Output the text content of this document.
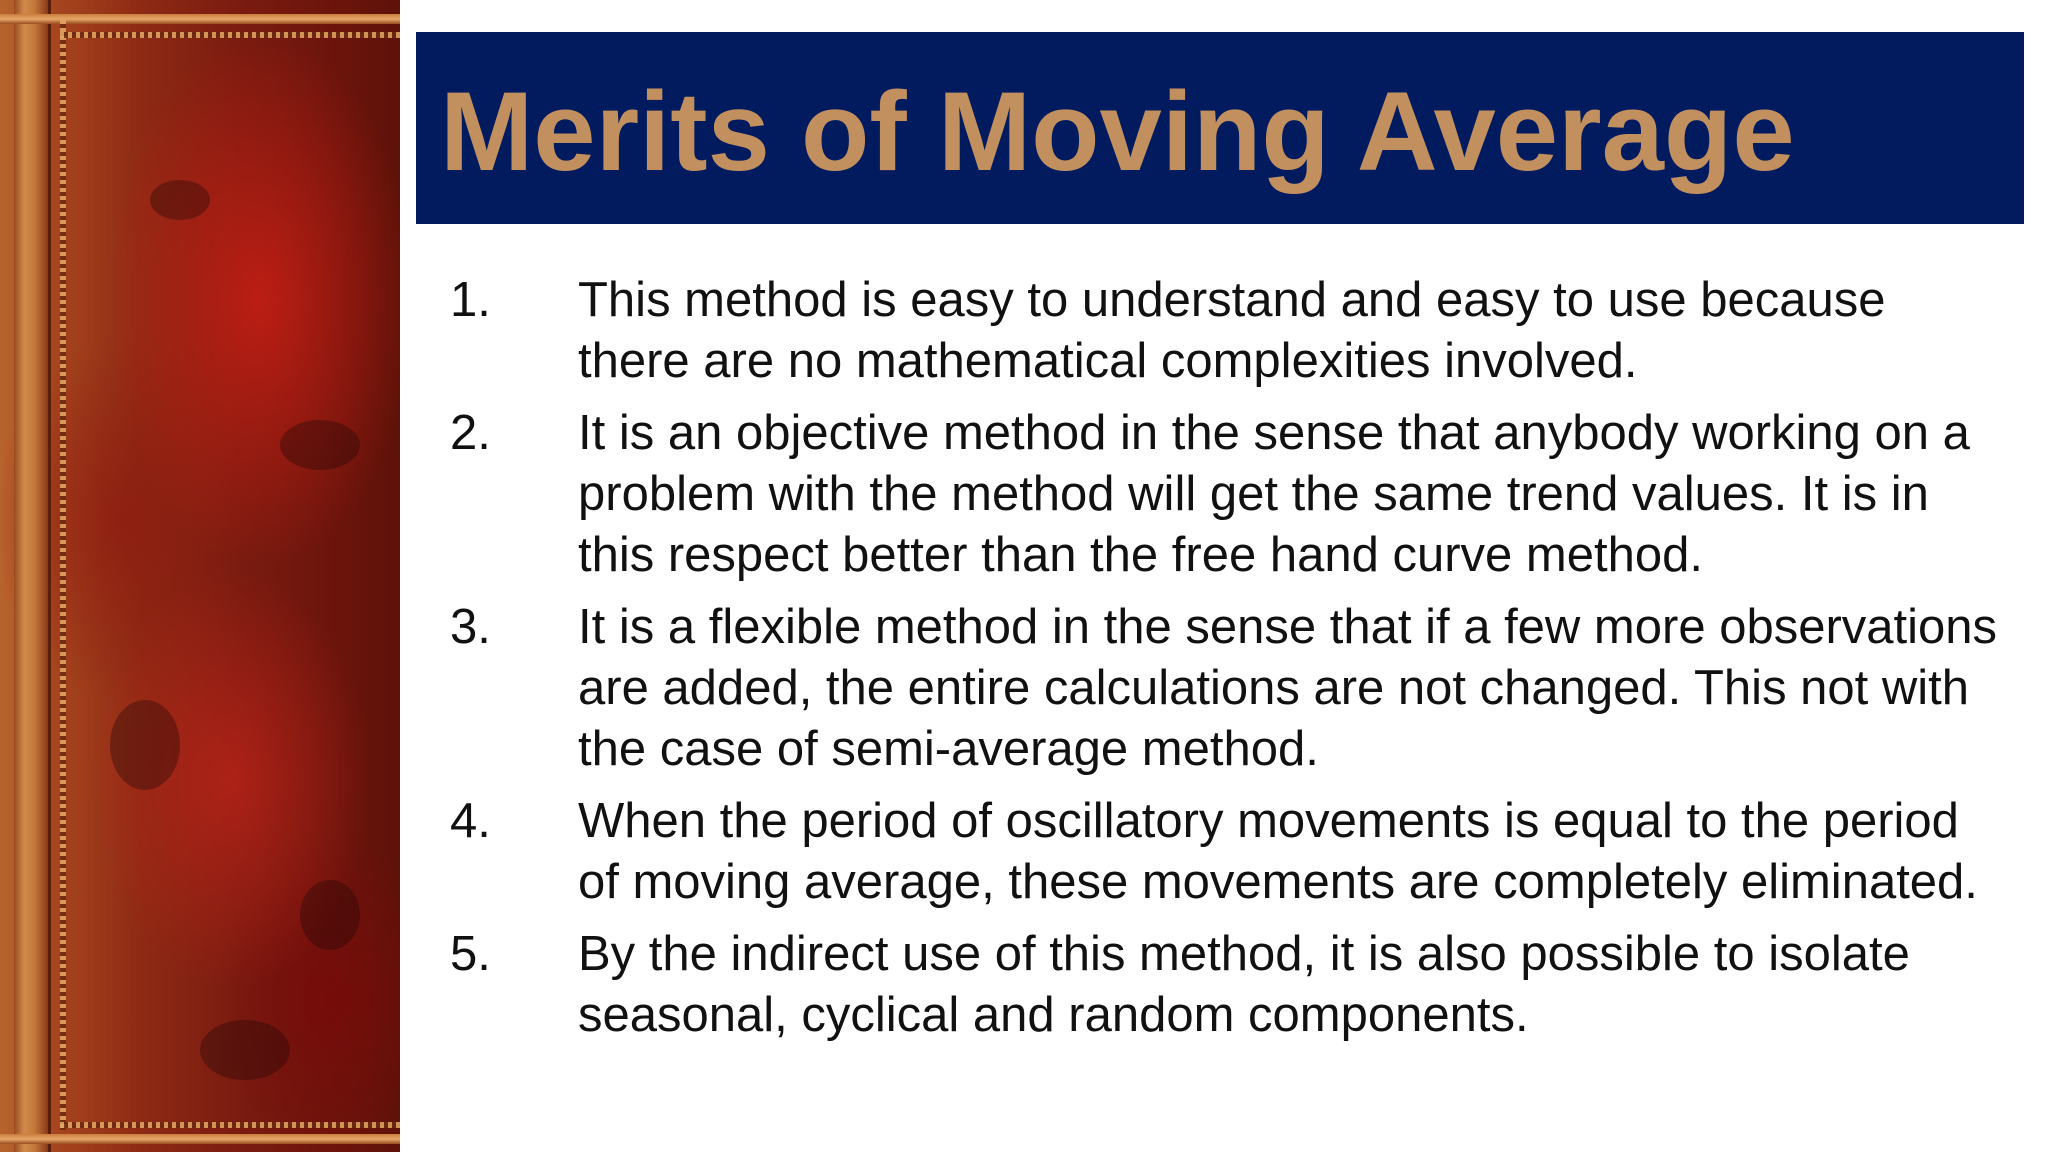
Merits of Moving Average
1.	This method is easy to understand and easy to use because there are no mathematical complexities involved.
2.	It is an objective method in the sense that anybody working on a problem with the method will get the same trend values. It is in this respect better than the free hand curve method.
3.	It is a flexible method in the sense that if a few more observations are added, the entire calculations are not changed. This not with the case of semi-average method.
4.	When the period of oscillatory movements is equal to the period of moving average, these movements are completely eliminated.
5.	By the indirect use of this method, it is also possible to isolate seasonal, cyclical and random components.
